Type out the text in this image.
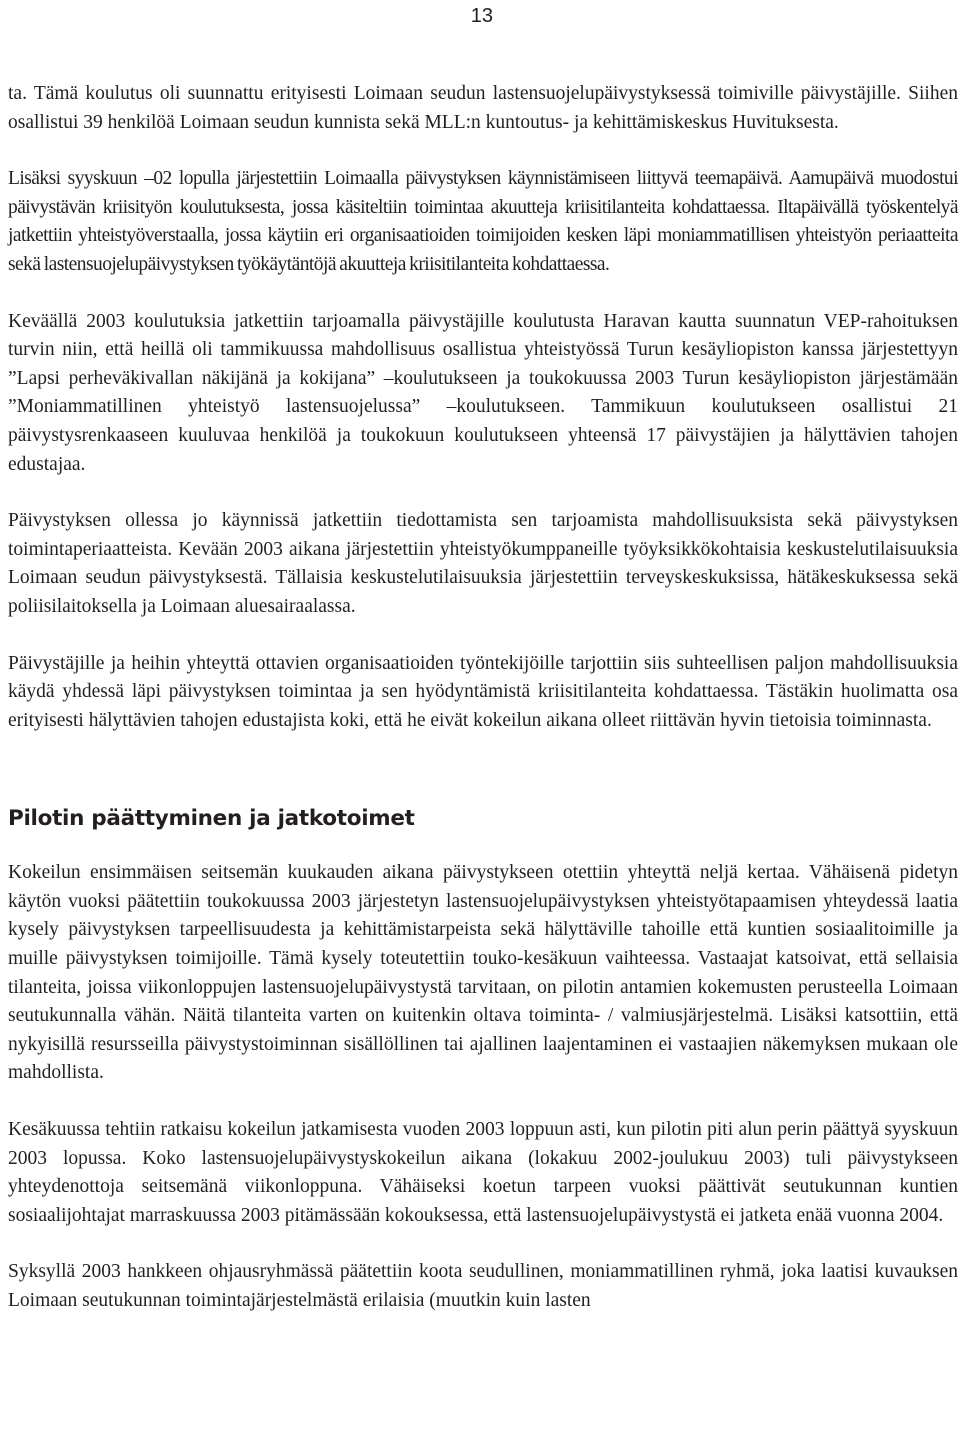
13

ta. Tämä koulutus oli suunnattu erityisesti Loimaan seudun lastensuojelupäivystyksessä toimiville päivystäjille. Siihen osallistui 39 henkilöä Loimaan seudun kunnista sekä MLL:n kuntoutus- ja kehittämiskeskus Huvituksesta.

Lisäksi syyskuun –02 lopulla järjestettiin Loimaalla päivystyksen käynnistämiseen liittyvä teemapäivä. Aamupäivä muodostui päivystävän kriisityön koulutuksesta, jossa käsiteltiin toimintaa akuutteja kriisitilanteita kohdattaessa. Iltapäivällä työskentelyä jatkettiin yhteistyöverstaalla, jossa käytiin eri organisaatioiden toimijoiden kesken läpi moniammatillisen yhteistyön periaatteita sekä lastensuojelupäivystyksen työkäytäntöjä akuutteja kriisitilanteita kohdattaessa.

Keväällä 2003 koulutuksia jatkettiin tarjoamalla päivystäjille koulutusta Haravan kautta suunnatun VEP-rahoituksen turvin niin, että heillä oli tammikuussa mahdollisuus osallistua yhteistyössä Turun kesäyliopiston kanssa järjestettyyn ”Lapsi perheväkivallan näkijänä ja kokijana” –koulutukseen ja toukokuussa 2003 Turun kesäyliopiston järjestämään ”Moniammatillinen yhteistyö lastensuojelussa” –koulutukseen. Tammikuun koulutukseen osallistui 21 päivystysrenkaaseen kuuluvaa henkilöä ja toukokuun koulutukseen yhteensä 17 päivystäjien ja hälyttävien tahojen edustajaa.

Päivystyksen ollessa jo käynnissä jatkettiin tiedottamista sen tarjoamista mahdollisuuksista sekä päivystyksen toimintaperiaatteista. Kevään 2003 aikana järjestettiin yhteistyökumppaneille työyksikkökohtaisia keskustelutilaisuuksia Loimaan seudun päivystyksestä. Tällaisia keskustelutilaisuuksia järjestettiin terveyskeskuksissa, hätäkeskuksessa sekä poliisilaitoksella ja Loimaan aluesairaalassa.

Päivystäjille ja heihin yhteyttä ottavien organisaatioiden työntekijöille tarjottiin siis suhteellisen paljon mahdollisuuksia käydä yhdessä läpi päivystyksen toimintaa ja sen hyödyntämistä kriisitilanteita kohdattaessa. Tästäkin huolimatta osa erityisesti hälyttävien tahojen edustajista koki, että he eivät kokeilun aikana olleet riittävän hyvin tietoisia toiminnasta.

Pilotin päättyminen ja jatkotoimet

Kokeilun ensimmäisen seitsemän kuukauden aikana päivystykseen otettiin yhteyttä neljä kertaa. Vähäisenä pidetyn käytön vuoksi päätettiin toukokuussa 2003 järjestetyn lastensuojelupäivystyksen yhteistyötapaamisen yhteydessä laatia kysely päivystyksen tarpeellisuudesta ja kehittämistarpeista sekä hälyttäville tahoille että kuntien sosiaalitoimille ja muille päivystyksen toimijoille. Tämä kysely toteutettiin touko-kesäkuun vaihteessa. Vastaajat katsoivat, että sellaisia tilanteita, joissa viikonloppujen lastensuojelupäivystystä tarvitaan, on pilotin antamien kokemusten perusteella Loimaan seutukunnalla vähän. Näitä tilanteita varten on kuitenkin oltava toiminta- / valmiusjärjestelmä. Lisäksi katsottiin, että nykyisillä resursseilla päivystystoiminnan sisällöllinen tai ajallinen laajentaminen ei vastaajien näkemyksen mukaan ole mahdollista.

Kesäkuussa tehtiin ratkaisu kokeilun jatkamisesta vuoden 2003 loppuun asti, kun pilotin piti alun perin päättyä syyskuun 2003 lopussa. Koko lastensuojelupäivystyskokeilun aikana (lokakuu 2002-joulukuu 2003) tuli päivystykseen yhteydenottoja seitsemänä viikonloppuna. Vähäiseksi koetun tarpeen vuoksi päättivät seutukunnan kuntien sosiaalijohtajat marraskuussa 2003 pitämässään kokouksessa, että lastensuojelupäivystystä ei jatketa enää vuonna 2004.

Syksyllä 2003 hankkeen ohjausryhmässä päätettiin koota seudullinen, moniammatillinen ryhmä, joka laatisi kuvauksen Loimaan seutukunnan toimintajärjestelmästä erilaisia (muutkin kuin lasten
